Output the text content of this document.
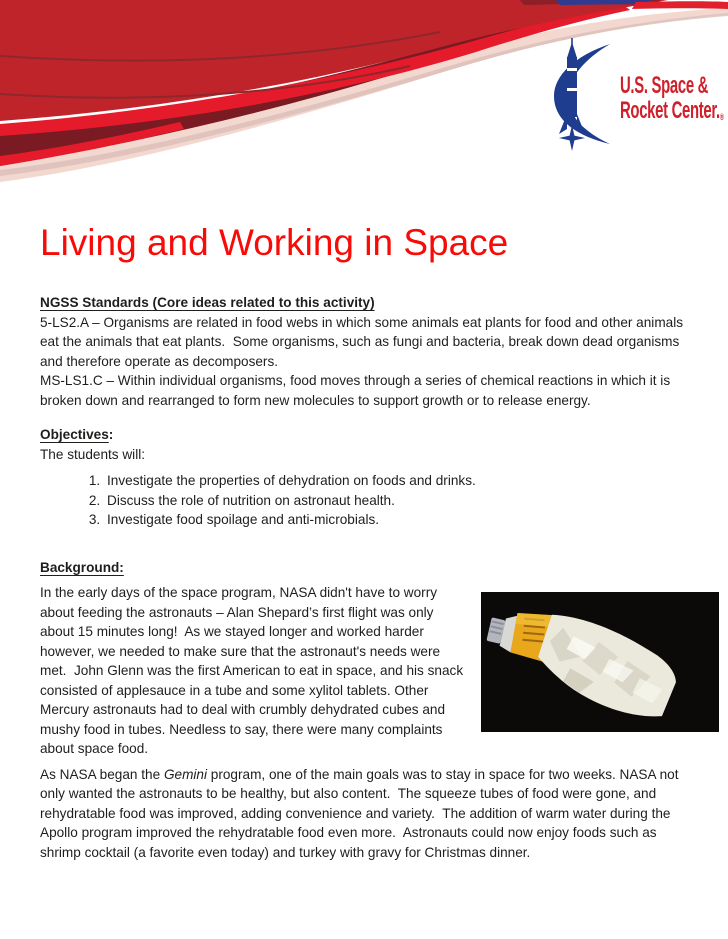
U.S. Space &
Rocket Center.®
Living and Working in Space
NGSS Standards (Core ideas related to this activity)

5-LS2.A – Organisms are related in food webs in which some animals eat plants for food and other animals eat the animals that eat plants.  Some organisms, such as fungi and bacteria, break down dead organisms and therefore operate as decomposers.

MS-LS1.C – Within individual organisms, food moves through a series of chemical reactions in which it is broken down and rearranged to form new molecules to support growth or to release energy.

Objectives:

The students will:

1. Investigate the properties of dehydration on foods and drinks.
2. Discuss the role of nutrition on astronaut health.
3. Investigate food spoilage and anti-microbials.
Background:

In the early days of the space program, NASA didn't have to worry about feeding the astronauts – Alan Shepard’s first flight was only about 15 minutes long!  As we stayed longer and worked harder however, we needed to make sure that the astronaut's needs were met.  John Glenn was the first American to eat in space, and his snack consisted of applesauce in a tube and some xylitol tablets. Other Mercury astronauts had to deal with crumbly dehydrated cubes and mushy food in tubes. Needless to say, there were many complaints about space food.

As NASA began the Gemini program, one of the main goals was to stay in space for two weeks. NASA not only wanted the astronauts to be healthy, but also content.  The squeeze tubes of food were gone, and rehydratable food was improved, adding convenience and variety.  The addition of warm water during the Apollo program improved the rehydratable food even more.  Astronauts could now enjoy foods such as shrimp cocktail (a favorite even today) and turkey with gravy for Christmas dinner.
